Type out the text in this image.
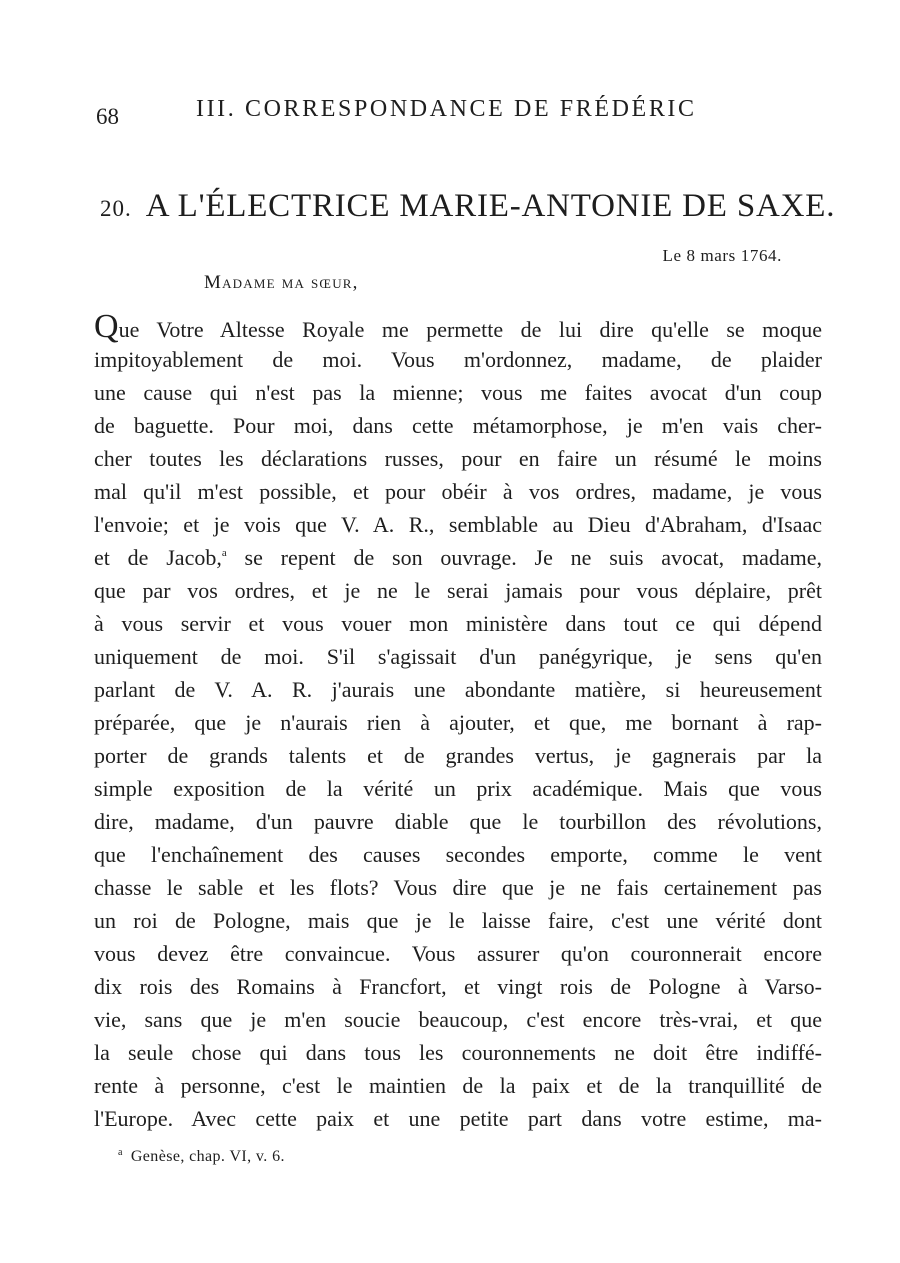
68	III. CORRESPONDANCE DE FRÉDÉRIC
20. A L'ÉLECTRICE MARIE-ANTONIE DE SAXE.
Le 8 mars 1764.
Madame ma sœur,
Que Votre Altesse Royale me permette de lui dire qu'elle se moque
impitoyablement de moi. Vous m'ordonnez, madame, de plaider
une cause qui n'est pas la mienne; vous me faites avocat d'un coup
de baguette. Pour moi, dans cette métamorphose, je m'en vais cher-
cher toutes les déclarations russes, pour en faire un résumé le moins
mal qu'il m'est possible, et pour obéir à vos ordres, madame, je vous
l'envoie; et je vois que V. A. R., semblable au Dieu d'Abraham, d'Isaac
et de Jacob,$^a$ se repent de son ouvrage. Je ne suis avocat, madame,
que par vos ordres, et je ne le serai jamais pour vous déplaire, prêt
à vous servir et vous vouer mon ministère dans tout ce qui dépend
uniquement de moi. S'il s'agissait d'un panégyrique, je sens qu'en
parlant de V. A. R. j'aurais une abondante matière, si heureusement
préparée, que je n'aurais rien à ajouter, et que, me bornant à rap-
porter de grands talents et de grandes vertus, je gagnerais par la
simple exposition de la vérité un prix académique. Mais que vous
dire, madame, d'un pauvre diable que le tourbillon des révolutions,
que l'enchaînement des causes secondes emporte, comme le vent
chasse le sable et les flots? Vous dire que je ne fais certainement pas
un roi de Pologne, mais que je le laisse faire, c'est une vérité dont
vous devez être convaincue. Vous assurer qu'on couronnerait encore
dix rois des Romains à Francfort, et vingt rois de Pologne à Varso-
vie, sans que je m'en soucie beaucoup, c'est encore très-vrai, et que
la seule chose qui dans tous les couronnements ne doit être indiffé-
rente à personne, c'est le maintien de la paix et de la tranquillité de
l'Europe. Avec cette paix et une petite part dans votre estime, ma-
$^a$ Genèse, chap. VI, v. 6.
